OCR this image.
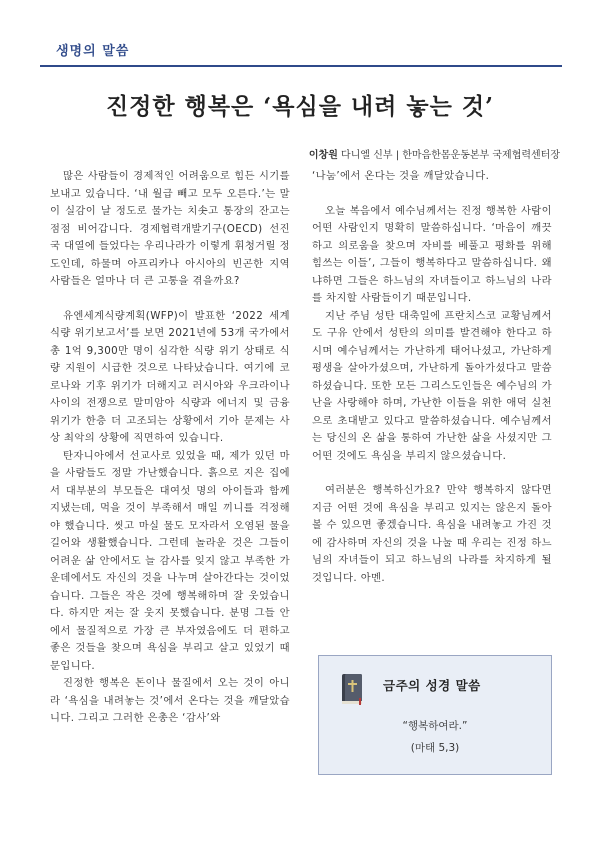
생명의 말씀
진정한 행복은 ‘욕심을 내려 놓는 것’
이창원 다니엘 신부 | 한마음한몸운동본부 국제협력센터장

많은 사람들이 경제적인 어려움으로 힘든 시기를 보내고 있습니다. ‘내 월급 빼고 모두 오른다.’는 말이 실감이 날 정도로 물가는 치솟고 통장의 잔고는 점점 비어갑니다. 경제협력개발기구(OECD) 선진국 대열에 들었다는 우리나라가 이렇게 휘청거릴 정도인데, 하물며 아프리카나 아시아의 빈곤한 지역 사람들은 얼마나 더 큰 고통을 겪을까요?

유엔세계식량계획(WFP)이 발표한 ‘2022 세계 식량 위기보고서’를 보면 2021년에 53개 국가에서 총 1억 9,300만 명이 심각한 식량 위기 상태로 식량 지원이 시급한 것으로 나타났습니다. 여기에 코로나와 기후 위기가 더해지고 러시아와 우크라이나 사이의 전쟁으로 말미암아 식량과 에너지 및 금융 위기가 한층 더 고조되는 상황에서 기아 문제는 사상 최악의 상황에 직면하여 있습니다.

탄자니아에서 선교사로 있었을 때, 제가 있던 마을 사람들도 정말 가난했습니다. 흙으로 지은 집에서 대부분의 부모들은 대여섯 명의 아이들과 함께 지냈는데, 먹을 것이 부족해서 매일 끼니를 걱정해야 했습니다. 씻고 마실 물도 모자라서 오염된 물을 길어와 생활했습니다. 그런데 놀라운 것은 그들이 어려운 삶 안에서도 늘 감사를 잊지 않고 부족한 가운데에서도 자신의 것을 나누며 살아간다는 것이었습니다. 그들은 작은 것에 행복해하며 잘 웃었습니다. 하지만 저는 잘 웃지 못했습니다. 분명 그들 안에서 물질적으로 가장 큰 부자였음에도 더 편하고 좋은 것들을 찾으며 욕심을 부리고 살고 있었기 때문입니다.

진정한 행복은 돈이나 물질에서 오는 것이 아니라 ‘욕심을 내려놓는 것’에서 온다는 것을 깨달았습니다. 그리고 그러한 은총은 ‘감사’와

‘나눔’에서 온다는 것을 깨달았습니다.

오늘 복음에서 예수님께서는 진정 행복한 사람이 어떤 사람인지 명확히 말씀하십니다. ‘마음이 깨끗하고 의로움을 찾으며 자비를 베풀고 평화를 위해 힘쓰는 이들’, 그들이 행복하다고 말씀하십니다. 왜냐하면 그들은 하느님의 자녀들이고 하느님의 나라를 차지할 사람들이기 때문입니다.

지난 주님 성탄 대축일에 프란치스코 교황님께서도 구유 안에서 성탄의 의미를 발견해야 한다고 하시며 예수님께서는 가난하게 태어나셨고, 가난하게 평생을 살아가셨으며, 가난하게 돌아가셨다고 말씀하셨습니다. 또한 모든 그리스도인들은 예수님의 가난을 사랑해야 하며, 가난한 이들을 위한 애덕 실천으로 초대받고 있다고 말씀하셨습니다. 예수님께서는 당신의 온 삶을 통하여 가난한 삶을 사셨지만 그 어떤 것에도 욕심을 부리지 않으셨습니다.

여러분은 행복하신가요? 만약 행복하지 않다면 지금 어떤 것에 욕심을 부리고 있지는 않은지 돌아볼 수 있으면 좋겠습니다. 욕심을 내려놓고 가진 것에 감사하며 자신의 것을 나눌 때 우리는 진정 하느님의 자녀들이 되고 하느님의 나라를 차지하게 될 것입니다. 아멘.

금주의 성경 말씀
“행복하여라.”
(마태 5,3)
